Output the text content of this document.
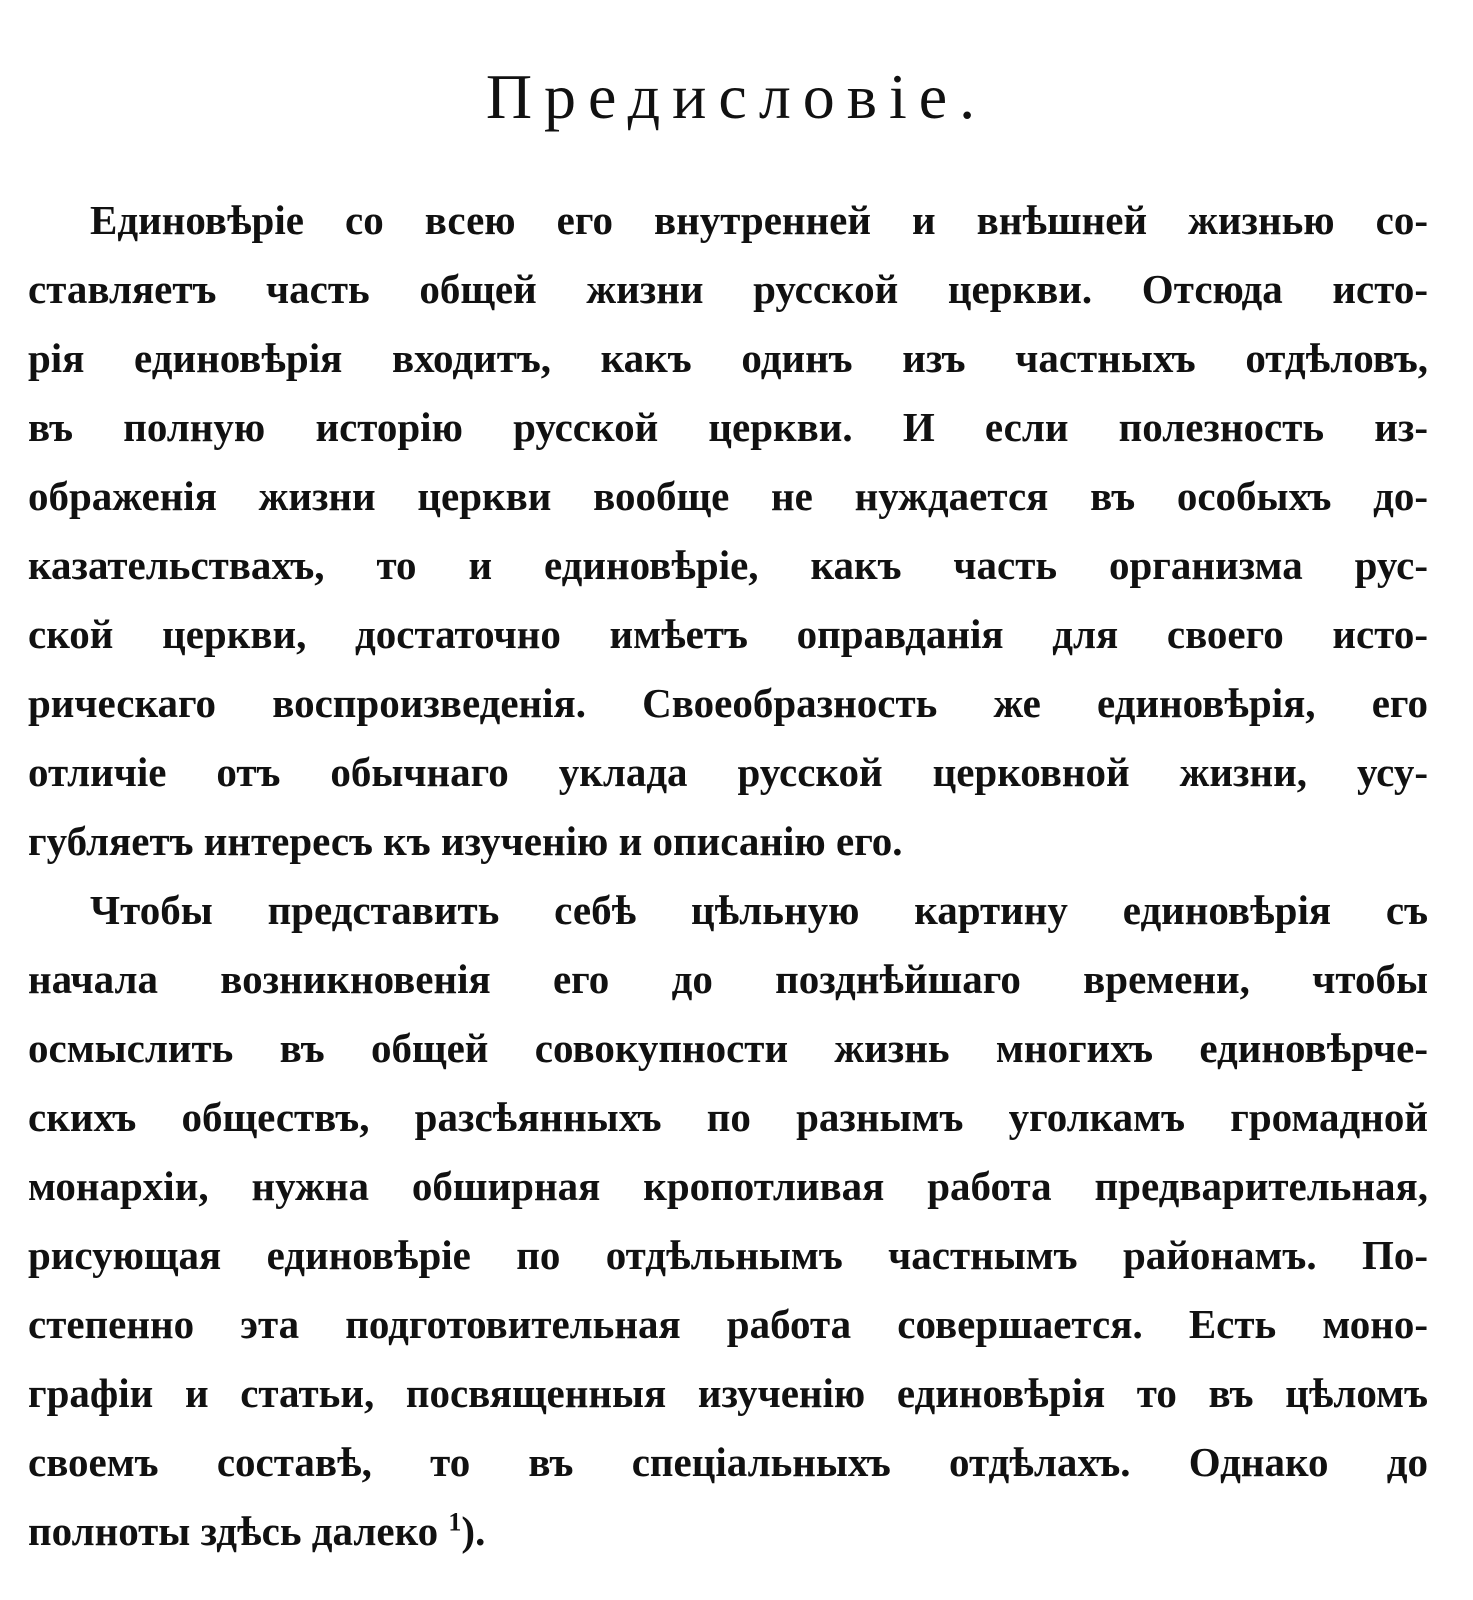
Предисловіе.
Единовѣріе со всею его внутренней и внѣшней жизнью со-
ставляетъ часть общей жизни русской церкви. Отсюда исто-
рія единовѣрія входитъ, какъ одинъ изъ частныхъ отдѣловъ,
въ полную исторію русской церкви. И если полезность из-
ображенія жизни церкви вообще не нуждается въ особыхъ до-
казательствахъ, то и единовѣріе, какъ часть организма рус-
ской церкви, достаточно имѣетъ оправданія для своего исто-
рическаго воспроизведенія. Своеобразность же единовѣрія, его
отличіе отъ обычнаго уклада русской церковной жизни, усу-
губляетъ интересъ къ изученію и описанію его.
Чтобы представить себѣ цѣльную картину единовѣрія съ
начала возникновенія его до позднѣйшаго времени, чтобы
осмыслить въ общей совокупности жизнь многихъ единовѣрче-
скихъ обществъ, разсѣянныхъ по разнымъ уголкамъ громадной
монархіи, нужна обширная кропотливая работа предварительная,
рисующая единовѣріе по отдѣльнымъ частнымъ районамъ. По-
степенно эта подготовительная работа совершается. Есть моно-
графіи и статьи, посвященныя изученію единовѣрія то въ цѣломъ
своемъ составѣ, то въ спеціальныхъ отдѣлахъ. Однако до
полноты здѣсь далеко $^1$).
